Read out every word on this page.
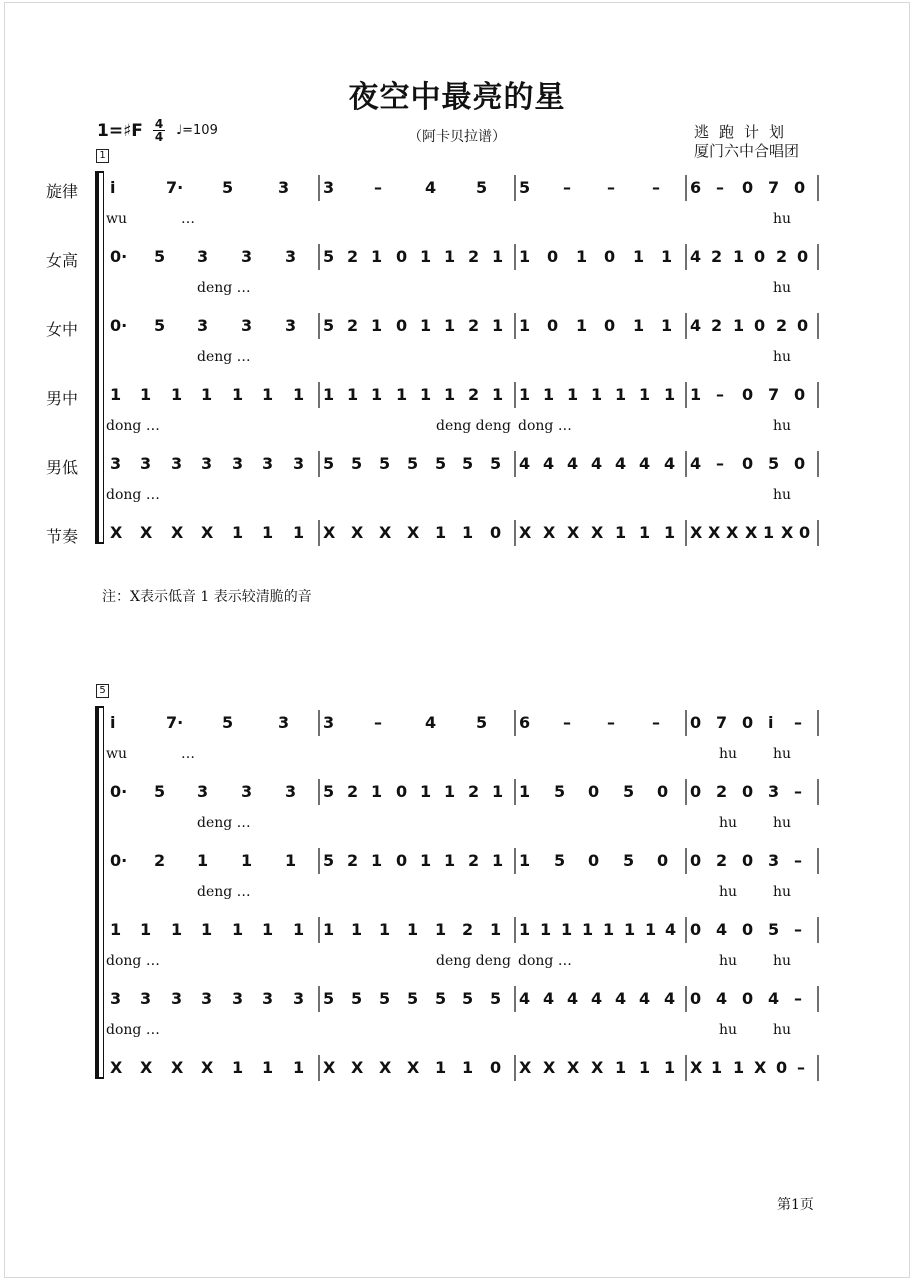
夜空中最亮的星
1=♯F 4
4 ♩=109	（阿卡贝拉谱）	逃跑计划
厦门六中合唱团
1
旋律 i	7· 5	3 3 –	4 5 5 – – – 6 – 0 7 0
wu	…	hu
女高 0· 5 3 3 3 5 2 1 0 1 1 2 1 1 0 1 0 1 1 4 2 1 0 2 0
deng …	hu
女中 0· 5 3 3 3 5 2 1 0 1 1 2 1 1 0 1 0 1 1 4 2 1 0 2 0
deng …	hu
男中 1 1 1 1 1 1 1 1 1 1 1 1 1 2 1 1 1 1 1 1 1 1 1 – 0 7 0
dong …	deng deng dong …	hu
男低 3 3 3 3 3 3 3 5 5 5 5 5 5 5 4 4 4 4 4 4 4 4 – 0 5 0
dong …	hu
节奏 X X X X 1 1 1 X X X X 1 1 0 X X X X 1 1 1 X X X X 1 X 0
5
i	7· 5	3 3 –	4 5 6 – – – 0 7 0 i –
wu	…	hu	hu
0· 5 3 3 3 5 2 1 0 1 1 2 1 1 5 0 5 0 0 2 0 3 –
deng …	hu	hu
0· 2 1 1 1 5 2 1 0 1 1 2 1 1 5 0 5 0 0 2 0 3 –
deng …	hu	hu
1 1 1 1 1 1 1 1 1 1 1 1 2 1 1 1 1 1 1 1 1 4 0 4 0 5 –
dong …	deng deng dong …	hu	hu
3 3 3 3 3 3 3 5 5 5 5 5 5 5 4 4 4 4 4 4 4 0 4 0 4 –
dong …	hu	hu
X X X X 1 1 1 X X X X 1 1 0 X X X X 1 1 1 X 1 1 X 0 –
注：X表示低音 1 表示较清脆的音
第1页
